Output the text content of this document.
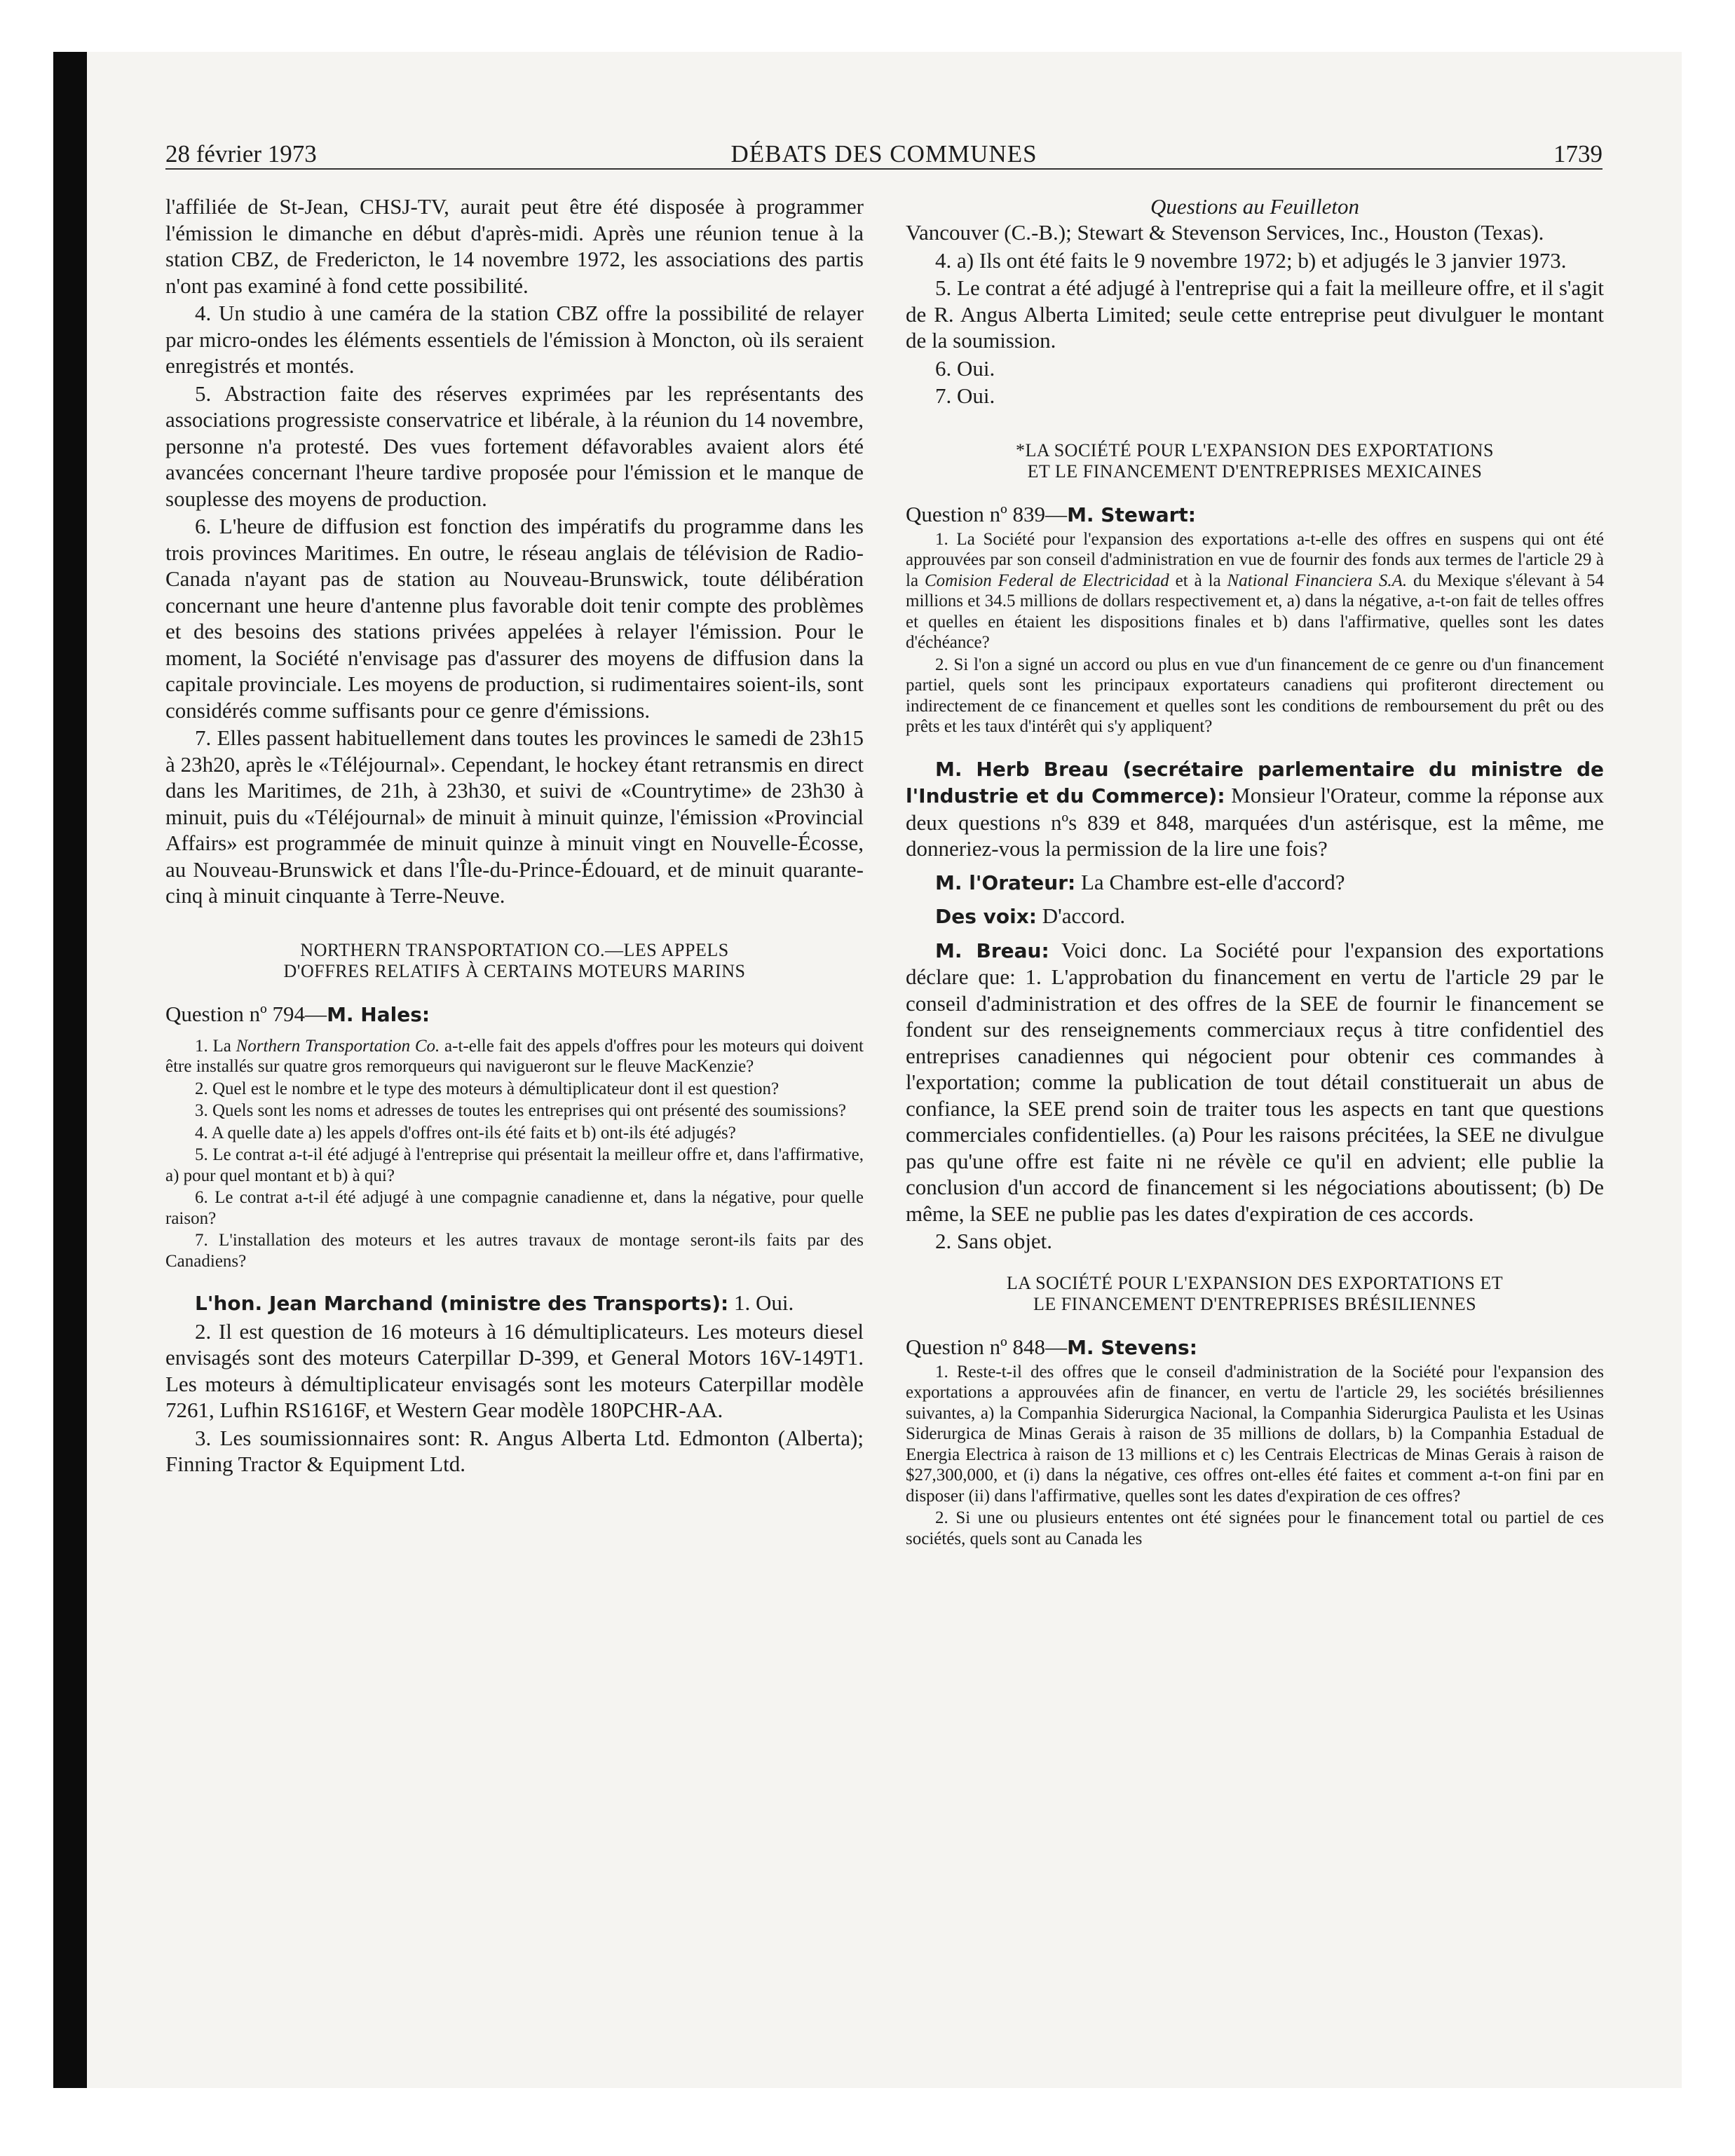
28 février 1973	DÉBATS DES COMMUNES	1739

l'affiliée de St-Jean, CHSJ-TV, aurait peut être été disposée à programmer l'émission le dimanche en début d'après-midi. Après une réunion tenue à la station CBZ, de Fredericton, le 14 novembre 1972, les associations des partis n'ont pas examiné à fond cette possibilité.

4. Un studio à une caméra de la station CBZ offre la possibilité de relayer par micro-ondes les éléments essentiels de l'émission à Moncton, où ils seraient enregistrés et montés.

5. Abstraction faite des réserves exprimées par les représentants des associations progressiste conservatrice et libérale, à la réunion du 14 novembre, personne n'a protesté. Des vues fortement défavorables avaient alors été avancées concernant l'heure tardive proposée pour l'émission et le manque de souplesse des moyens de production.

6. L'heure de diffusion est fonction des impératifs du programme dans les trois provinces Maritimes. En outre, le réseau anglais de télévision de Radio-Canada n'ayant pas de station au Nouveau-Brunswick, toute délibération concernant une heure d'antenne plus favorable doit tenir compte des problèmes et des besoins des stations privées appelées à relayer l'émission. Pour le moment, la Société n'envisage pas d'assurer des moyens de diffusion dans la capitale provinciale. Les moyens de production, si rudimentaires soient-ils, sont considérés comme suffisants pour ce genre d'émissions.

7. Elles passent habituellement dans toutes les provinces le samedi de 23h15 à 23h20, après le «Téléjournal». Cependant, le hockey étant retransmis en direct dans les Maritimes, de 21h, à 23h30, et suivi de «Countrytime» de 23h30 à minuit, puis du «Téléjournal» de minuit à minuit quinze, l'émission «Provincial Affairs» est programmée de minuit quinze à minuit vingt en Nouvelle-Écosse, au Nouveau-Brunswick et dans l'Île-du-Prince-Édouard, et de minuit quarante-cinq à minuit cinquante à Terre-Neuve.

NORTHERN TRANSPORTATION CO.—LES APPELS
D'OFFRES RELATIFS À CERTAINS MOTEURS MARINS

Question nº 794—M. Hales:

1. La Northern Transportation Co. a-t-elle fait des appels d'offres pour les moteurs qui doivent être installés sur quatre gros remorqueurs qui navigueront sur le fleuve MacKenzie?

2. Quel est le nombre et le type des moteurs à démultiplicateur dont il est question?

3. Quels sont les noms et adresses de toutes les entreprises qui ont présenté des soumissions?

4. A quelle date a) les appels d'offres ont-ils été faits et b) ont-ils été adjugés?

5. Le contrat a-t-il été adjugé à l'entreprise qui présentait la meilleur offre et, dans l'affirmative, a) pour quel montant et b) à qui?

6. Le contrat a-t-il été adjugé à une compagnie canadienne et, dans la négative, pour quelle raison?

7. L'installation des moteurs et les autres travaux de montage seront-ils faits par des Canadiens?

L'hon. Jean Marchand (ministre des Transports): 1. Oui.

2. Il est question de 16 moteurs à 16 démultiplicateurs. Les moteurs diesel envisagés sont des moteurs Caterpillar D-399, et General Motors 16V-149T1. Les moteurs à démultiplicateur envisagés sont les moteurs Caterpillar modèle 7261, Lufhin RS1616F, et Western Gear modèle 180PCHR-AA.

3. Les soumissionnaires sont: R. Angus Alberta Ltd. Edmonton (Alberta); Finning Tractor & Equipment Ltd.

Questions au Feuilleton

Vancouver (C.-B.); Stewart & Stevenson Services, Inc., Houston (Texas).

4. a) Ils ont été faits le 9 novembre 1972; b) et adjugés le 3 janvier 1973.

5. Le contrat a été adjugé à l'entreprise qui a fait la meilleure offre, et il s'agit de R. Angus Alberta Limited; seule cette entreprise peut divulguer le montant de la soumission.

6. Oui.

7. Oui.

*LA SOCIÉTÉ POUR L'EXPANSION DES EXPORTATIONS
ET LE FINANCEMENT D'ENTREPRISES MEXICAINES

Question nº 839—M. Stewart:

1. La Société pour l'expansion des exportations a-t-elle des offres en suspens qui ont été approuvées par son conseil d'administration en vue de fournir des fonds aux termes de l'article 29 à la Comision Federal de Electricidad et à la National Financiera S.A. du Mexique s'élevant à 54 millions et 34.5 millions de dollars respectivement et, a) dans la négative, a-t-on fait de telles offres et quelles en étaient les dispositions finales et b) dans l'affirmative, quelles sont les dates d'échéance?

2. Si l'on a signé un accord ou plus en vue d'un financement de ce genre ou d'un financement partiel, quels sont les principaux exportateurs canadiens qui profiteront directement ou indirectement de ce financement et quelles sont les conditions de remboursement du prêt ou des prêts et les taux d'intérêt qui s'y appliquent?

M. Herb Breau (secrétaire parlementaire du ministre de l'Industrie et du Commerce): Monsieur l'Orateur, comme la réponse aux deux questions nºs 839 et 848, marquées d'un astérisque, est la même, me donneriez-vous la permission de la lire une fois?

M. l'Orateur: La Chambre est-elle d'accord?

Des voix: D'accord.

M. Breau: Voici donc. La Société pour l'expansion des exportations déclare que: 1. L'approbation du financement en vertu de l'article 29 par le conseil d'administration et des offres de la SEE de fournir le financement se fondent sur des renseignements commerciaux reçus à titre confidentiel des entreprises canadiennes qui négocient pour obtenir ces commandes à l'exportation; comme la publication de tout détail constituerait un abus de confiance, la SEE prend soin de traiter tous les aspects en tant que questions commerciales confidentielles. (a) Pour les raisons précitées, la SEE ne divulgue pas qu'une offre est faite ni ne révèle ce qu'il en advient; elle publie la conclusion d'un accord de financement si les négociations aboutissent; (b) De même, la SEE ne publie pas les dates d'expiration de ces accords.

2. Sans objet.

LA SOCIÉTÉ POUR L'EXPANSION DES EXPORTATIONS ET
LE FINANCEMENT D'ENTREPRISES BRÉSILIENNES

Question nº 848—M. Stevens:

1. Reste-t-il des offres que le conseil d'administration de la Société pour l'expansion des exportations a approuvées afin de financer, en vertu de l'article 29, les sociétés brésiliennes suivantes, a) la Companhia Siderurgica Nacional, la Companhia Siderurgica Paulista et les Usinas Siderurgica de Minas Gerais à raison de 35 millions de dollars, b) la Companhia Estadual de Energia Electrica à raison de 13 millions et c) les Centrais Electricas de Minas Gerais à raison de $27,300,000, et (i) dans la négative, ces offres ont-elles été faites et comment a-t-on fini par en disposer (ii) dans l'affirmative, quelles sont les dates d'expiration de ces offres?

2. Si une ou plusieurs ententes ont été signées pour le financement total ou partiel de ces sociétés, quels sont au Canada les
